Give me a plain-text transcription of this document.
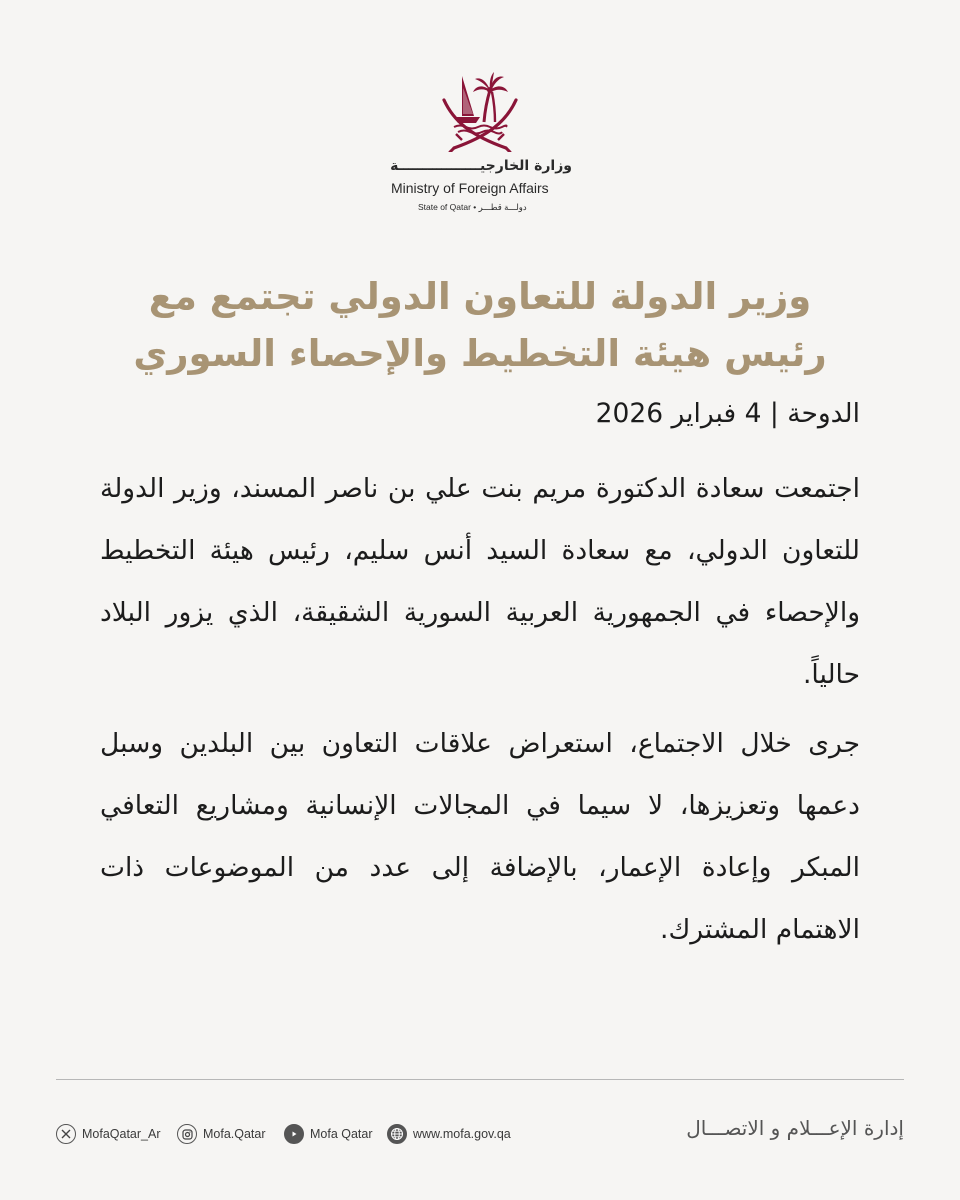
وزارة الخارجيـــــــــــــــــة
Ministry of Foreign Affairs
State of Qatar • دولـــة قطـــر
وزير الدولة للتعاون الدولي تجتمع مع
رئيس هيئة التخطيط والإحصاء السوري
الدوحة | 4 فبراير 2026
اجتمعت سعادة الدكتورة مريم بنت علي بن ناصر المسند، وزير الدولة
للتعاون الدولي، مع سعادة السيد أنس سليم، رئيس هيئة التخطيط
والإحصاء في الجمهورية العربية السورية الشقيقة، الذي يزور البلاد
حالياً.
جرى خلال الاجتماع، استعراض علاقات التعاون بين البلدين وسبل
دعمها وتعزيزها، لا سيما في المجالات الإنسانية ومشاريع التعافي
المبكر وإعادة الإعمار، بالإضافة إلى عدد من الموضوعات ذات
الاهتمام المشترك.
إدارة الإعـــلام و الاتصـــال
MofaQatar_Ar	Mofa.Qatar	Mofa Qatar	www.mofa.gov.qa
